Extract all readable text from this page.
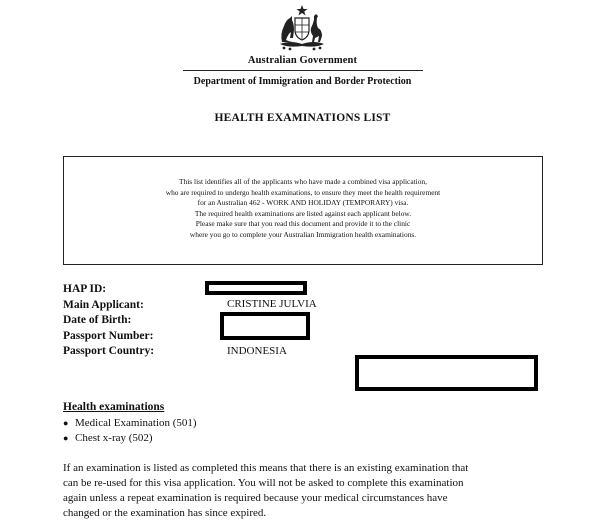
Australian Government
Department of Immigration and Border Protection
HEALTH EXAMINATIONS LIST
This list identifies all of the applicants who have made a combined visa application,
who are required to undergo health examinations, to ensure they meet the health requirement
for an Australian 462 - WORK AND HOLIDAY (TEMPORARY) visa.
The required health examinations are listed against each applicant below.
Please make sure that you read this document and provide it to the clinic
where you go to complete your Australian Immigration health examinations.
HAP ID:
Main Applicant:
Date of Birth:
Passport Number:
Passport Country:
CRISTINE JULVIA
INDONESIA
Health examinations
● Medical Examination (501)
● Chest x-ray (502)
If an examination is listed as completed this means that there is an existing examination that
can be re-used for this visa application. You will not be asked to complete this examination
again unless a repeat examination is required because your medical circumstances have
changed or the examination has since expired.
